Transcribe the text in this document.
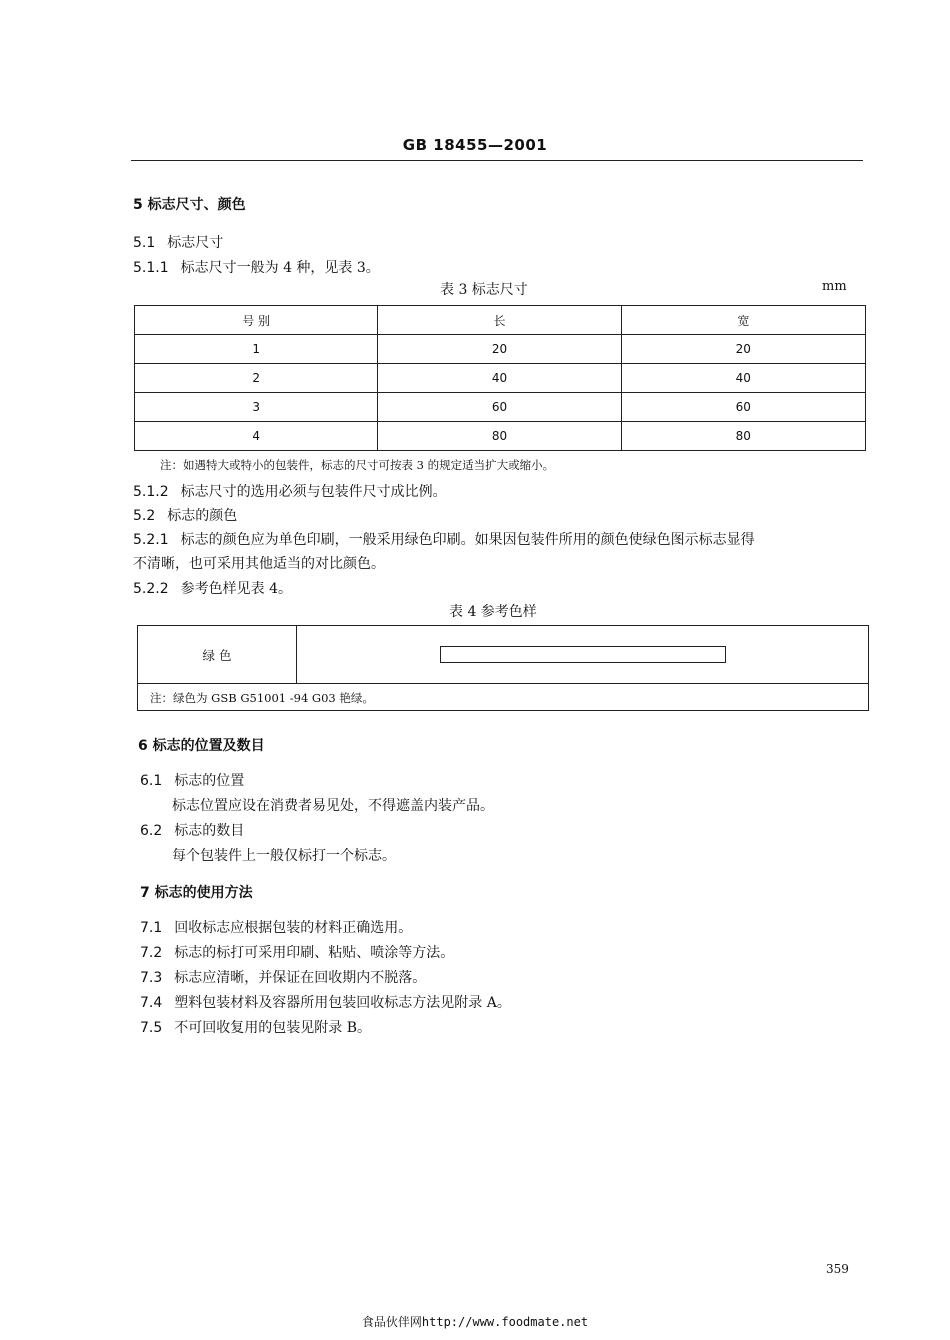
GB 18455—2001
5 标志尺寸、颜色
5.1 标志尺寸
5.1.1 标志尺寸一般为 4 种，见表 3。
表 3 标志尺寸	mm
号 别	长	宽
1	20	20
2	40	40
3	60	60
4	80	80
注：如遇特大或特小的包装件，标志的尺寸可按表 3 的规定适当扩大或缩小。
5.1.2 标志尺寸的选用必须与包装件尺寸成比例。
5.2 标志的颜色
5.2.1 标志的颜色应为单色印刷，一般采用绿色印刷。如果因包装件所用的颜色使绿色图示标志显得
不清晰，也可采用其他适当的对比颜色。
5.2.2 参考色样见表 4。
表 4 参考色样
绿 色
注：绿色为 GSB G51001 -94 G03 艳绿。
6 标志的位置及数目
6.1 标志的位置
标志位置应设在消费者易见处，不得遮盖内装产品。
6.2 标志的数目
每个包装件上一般仅标打一个标志。
7 标志的使用方法
7.1 回收标志应根据包装的材料正确选用。
7.2 标志的标打可采用印刷、粘贴、喷涂等方法。
7.3 标志应清晰，并保证在回收期内不脱落。
7.4 塑料包装材料及容器所用包装回收标志方法见附录 A。
7.5 不可回收复用的包装见附录 B。
359
食品伙伴网http://www.foodmate.net
